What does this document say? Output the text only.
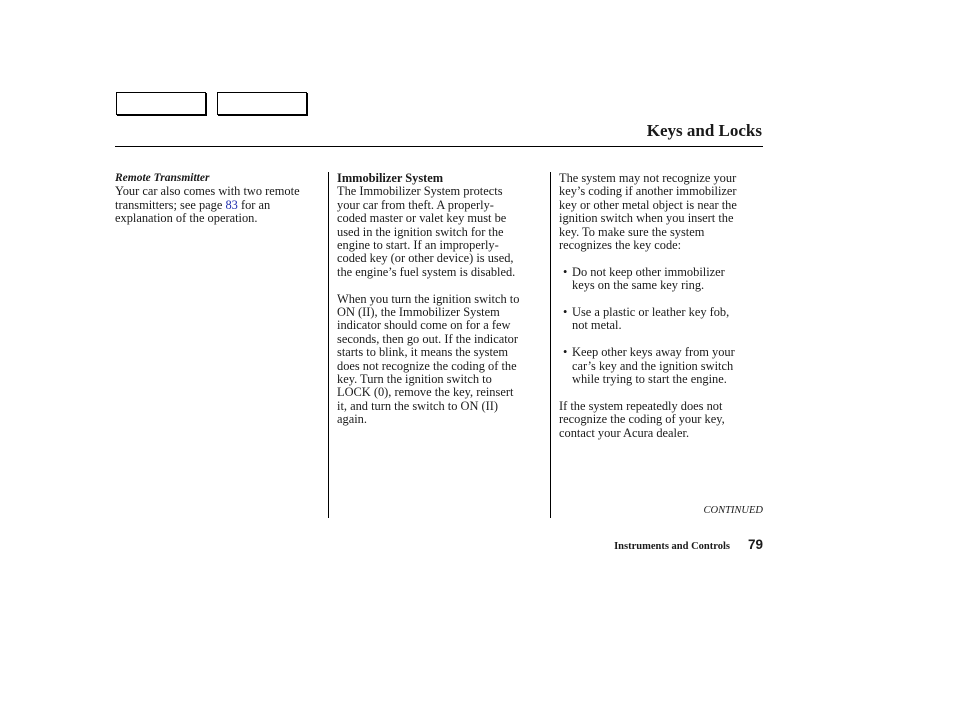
Keys and Locks
Remote Transmitter
Your car also comes with two remote
transmitters; see page 83 for an
explanation of the operation.
Immobilizer System
The Immobilizer System protects
your car from theft. A properly-
coded master or valet key must be
used in the ignition switch for the
engine to start. If an improperly-
coded key (or other device) is used,
the engine’s fuel system is disabled.
When you turn the ignition switch to
ON (II), the Immobilizer System
indicator should come on for a few
seconds, then go out. If the indicator
starts to blink, it means the system
does not recognize the coding of the
key. Turn the ignition switch to
LOCK (0), remove the key, reinsert
it, and turn the switch to ON (II)
again.
The system may not recognize your
key’s coding if another immobilizer
key or other metal object is near the
ignition switch when you insert the
key. To make sure the system
recognizes the key code:
• Do not keep other immobilizer
keys on the same key ring.
• Use a plastic or leather key fob,
not metal.
• Keep other keys away from your
car’s key and the ignition switch
while trying to start the engine.
If the system repeatedly does not
recognize the coding of your key,
contact your Acura dealer.
CONTINUED
Instruments and Controls 79
